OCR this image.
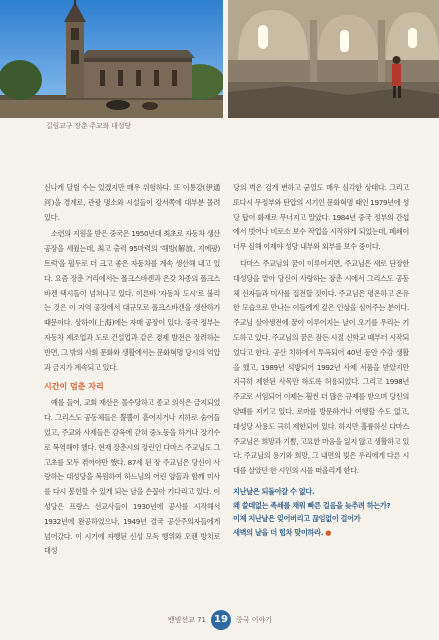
길림교구 장춘 주교좌 대성당

신나게 달릴 수는 있겠지만 매우 위험하다. 또 이통강(伊通河)을 경계로, 관광 명소와 시설들이 강서쪽에 대부분 몰려 있다.

소련의 지원을 받은 중국은 1950년대 최초로 자동차 생산 공장을 세웠는데, 최고 출력 95마력의 '해방(解放, 지에팡) 트럭'을 필두로 더 크고 좋은 자동차를 계속 생산해 내고 있다. 요즘 장춘 거리에서는 폴크스바겐과 은갖 차종의 폴크스바겐 택시들이 넘쳐나고 있다. 이른바 '자동차 도시'로 불리는 것은 이 지역 공장에서 대규모로 폴크스바겐을 생산하기 때문이다. 상하이(上海)에는 자매 공장이 있다. 중국 정부는 자동차 제조업과 도로 건설업과 같은 경제 발전은 장려하는 반면, 그 밖의 사회 문화와 생활에서는 문화혁명 당시의 억압과 금지가 계속되고 있다.

시간이 멈춘 자리

예를 들어, 교회 재산은 몰수당하고 종교 의식은 금지되었다. 그리스도 공동체들은 뿔뿔이 흩어지거나 지하로 숨어들었고, 주교와 사제들은 감옥에 갇혀 중노동을 하거나 장기수로 복역해야 했다. 현재 장춘시의 장린인 다마스 주교님도 그 고초를 모두 겪어야만 했다. 87세 된 장 주교님은 당신이 사랑하는 대성당을 복원하여 하느님의 어린 양들과 함께 미사를 다시 봉헌할 수 있게 되는 날을 손꼽아 기다리고 있다. 이 성당은 프랑스 선교사들이 1930년에 공사를 시작해서 1932년에 완공하였으나, 1949년 결국 공산주의자들에게 넘어갔다. 이 시기에 자행된 신성 모독 행위와 오랜 방치로 대성

당의 벽은 검게 변하고 균열도 매우 심각한 상태다. 그리고 또다시 무정부와 탄압의 시기인 문화혁명 때인 1979년에 성당 탑이 화재로 무너지고 말았다. 1984년 중국 정부의 간섭에서 벗어나 비로소 보수 작업을 시작하게 되었는데, 폐쇄이 너무 심해 이제야 성당 내부와 외부를 보수 중이다.

다마스 주교님의 꿈이 이루어지면, 주교님은 새로 단장한 대성당을 맡아 당신이 사랑하는 장춘 시에서 그리스도 공동체 신자들과 미사를 집전할 것이다. 주교님은 평온하고 온유한 모습으로 만나는 이들에게 깊은 인상을 심어주는 분이다. 주교님 살아생전에 꿈이 이루어지는 날이 오기를 우리는 기도하고 있다. 주교님의 꿈은 잠든 시절 신학교 때부터 시작되었다고 한다. 공산 치하에서 투옥되어 40년 동안 수감 생활을 했고, 1989년 석방되어 1992년 사제 서품을 받았지만 지극히 제한된 사목만 하도록 허용되었다. 그리고 1998년 주교로 서임되어 이제는 훨씬 더 많은 규제를 받으며 당신의 양떼를 지키고 있다. 로마를 방문하거나 여행할 수도 없고, 대성당 사용도 극히 제한되어 있다. 하지만 훌륭하신 다마스 주교님은 희망과 기쁨, 고요한 마음을 잃지 않고 생활하고 있다. 주교님의 용기와 희망, 그 내면의 빛은 우리에게 다른 시대를 살았던 한 시인의 시를 떠올리게 한다.

지난날은 되돌아갈 수 없다.
왜 쓸데없는 족쇄를 채워 빠른 걸음을 늦추려 하는가?
이제 지난날은 잊어버리고 끊임없이 걸어가
새벽의 날을 더 힘차 맞이하라. ●
밴빔선교 71 19	중국 이야기
